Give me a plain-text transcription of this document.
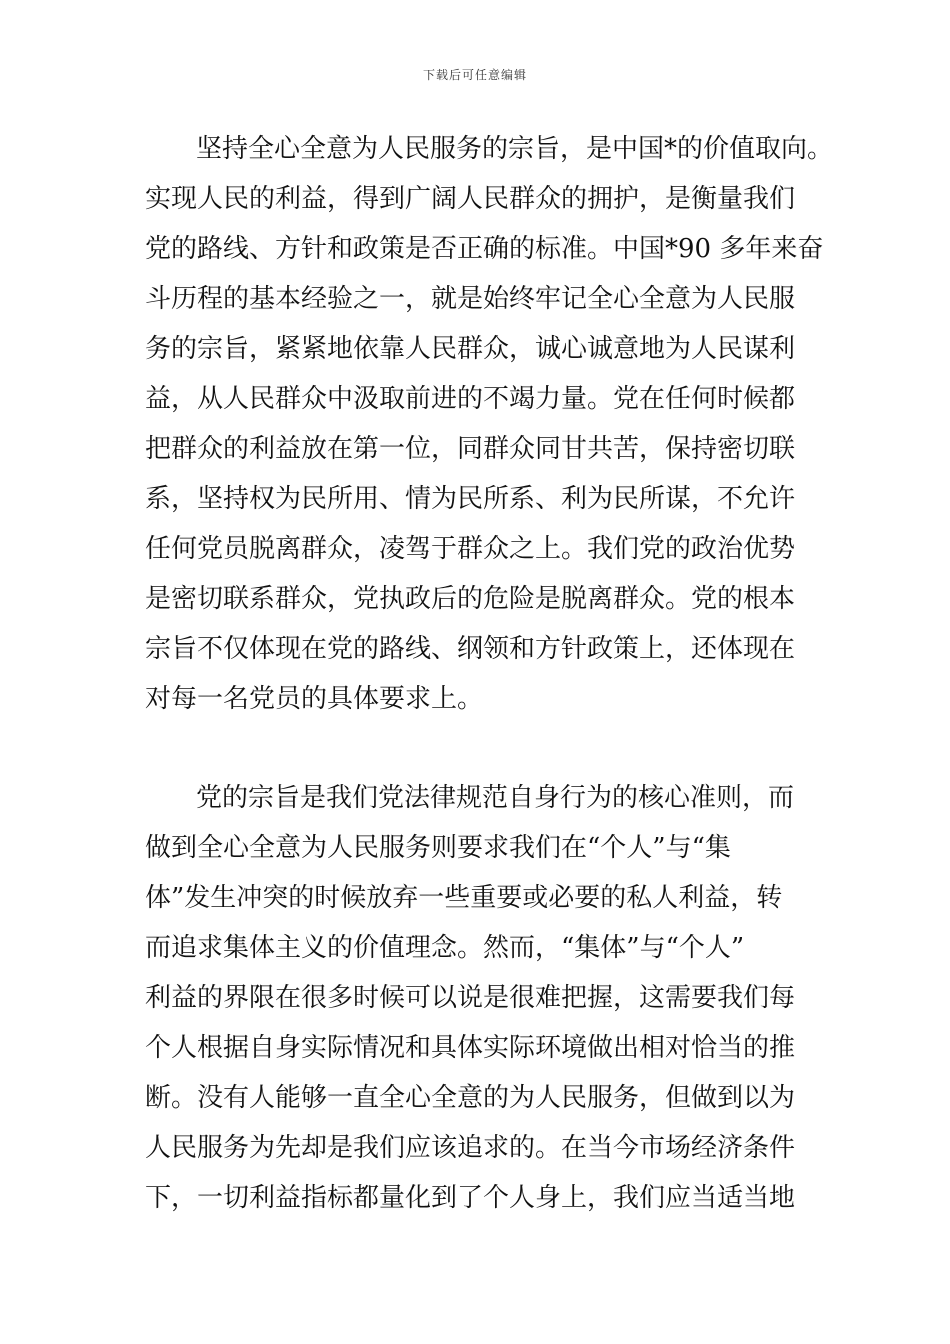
下载后可任意编辑
坚持全心全意为人民服务的宗旨，是中国*的价值取向。
实现人民的利益，得到广阔人民群众的拥护，是衡量我们
党的路线、方针和政策是否正确的标准。中国*90 多年来奋
斗历程的基本经验之一，就是始终牢记全心全意为人民服
务的宗旨，紧紧地依靠人民群众，诚心诚意地为人民谋利
益，从人民群众中汲取前进的不竭力量。党在任何时候都
把群众的利益放在第一位，同群众同甘共苦，保持密切联
系，坚持权为民所用、情为民所系、利为民所谋，不允许
任何党员脱离群众，凌驾于群众之上。我们党的政治优势
是密切联系群众，党执政后的危险是脱离群众。党的根本
宗旨不仅体现在党的路线、纲领和方针政策上，还体现在
对每一名党员的具体要求上。
党的宗旨是我们党法律规范自身行为的核心准则，而
做到全心全意为人民服务则要求我们在“个人”与“集
体”发生冲突的时候放弃一些重要或必要的私人利益，转
而追求集体主义的价值理念。然而，“集体”与“个人”
利益的界限在很多时候可以说是很难把握，这需要我们每
个人根据自身实际情况和具体实际环境做出相对恰当的推
断。没有人能够一直全心全意的为人民服务，但做到以为
人民服务为先却是我们应该追求的。在当今市场经济条件
下，一切利益指标都量化到了个人身上，我们应当适当地
